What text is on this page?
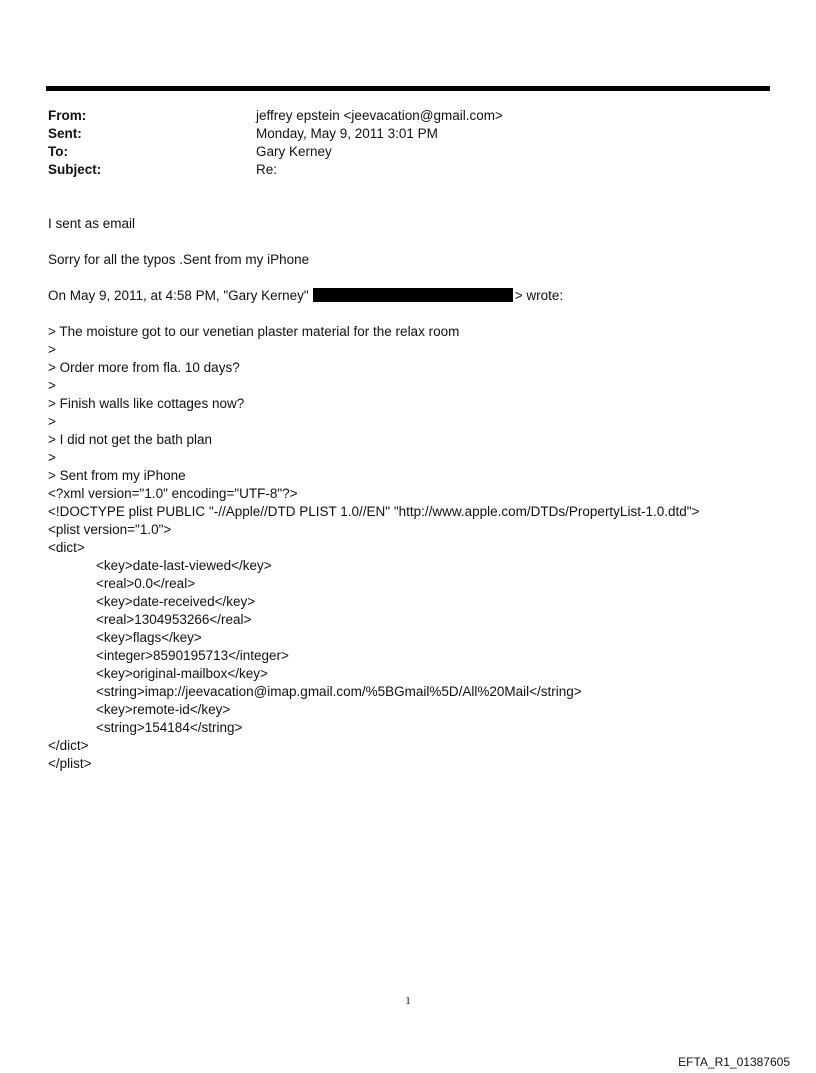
From:	jeffrey epstein <jeevacation@gmail.com>
Sent:	Monday, May 9, 2011 3:01 PM
To:	Gary Kerney
Subject:	Re:

I sent as email

Sorry for all the typos .Sent from my iPhone

On May 9, 2011, at 4:58 PM, "Gary Kerney"	> wrote:

> The moisture got to our venetian plaster material for the relax room

>

> Order more from fla. 10 days?

>

> Finish walls like cottages now?

>

> I did not get the bath plan

>

> Sent from my iPhone

<?xml version="1.0" encoding="UTF-8"?>

<!DOCTYPE plist PUBLIC "-//Apple//DTD PLIST 1.0//EN" "http://www.apple.com/DTDs/PropertyList-1.0.dtd">

<plist version="1.0">

<dict>

<key>date-last-viewed</key>

<real>0.0</real>

<key>date-received</key>

<real>1304953266</real>

<key>flags</key>

<integer>8590195713</integer>

<key>original-mailbox</key>

<string>imap://jeevacation@imap.gmail.com/%5BGmail%5D/All%20Mail</string>

<key>remote-id</key>

<string>154184</string>

</dict>

</plist>

1
EFTA_R1_01387605
